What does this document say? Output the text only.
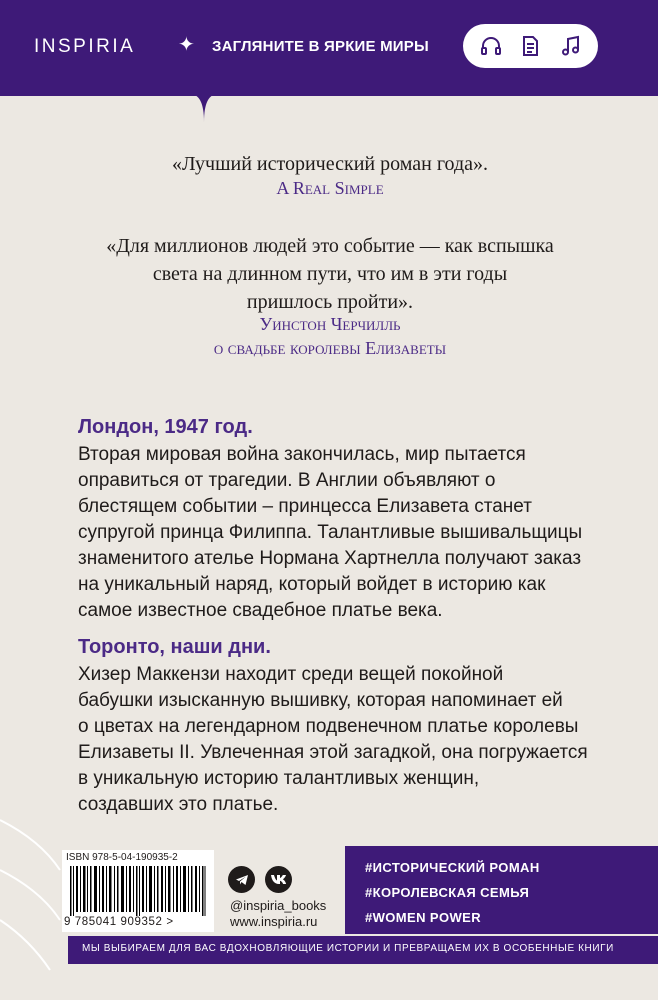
INSPIRIA ✦ ЗАГЛЯНИТЕ В ЯРКИЕ МИРЫ
«Лучший исторический роман года».
A Real Simple
«Для миллионов людей это событие — как вспышка
света на длинном пути, что им в эти годы
пришлось пройти».
Уинстон Черчилль
о свадьбе королевы Елизаветы
Лондон, 1947 год.
Вторая мировая война закончилась, мир пытается
оправиться от трагедии. В Англии объявляют о
блестящем событии – принцесса Елизавета станет
супругой принца Филиппа. Талантливые вышивальщицы
знаменитого ателье Нормана Хартнелла получают заказ
на уникальный наряд, который войдет в историю как
самое известное свадебное платье века.
Торонто, наши дни.
Хизер Маккензи находит среди вещей покойной
бабушки изысканную вышивку, которая напоминает ей
о цветах на легендарном подвенечном платье королевы
Елизаветы II. Увлеченная этой загадкой, она погружается
в уникальную историю талантливых женщин,
создавших это платье.
ISBN 978-5-04-190935-2
9 785041 909352 >
@inspiria_books
www.inspiria.ru
#ИСТОРИЧЕСКИЙ РОМАН
#КОРОЛЕВСКАЯ СЕМЬЯ
#WOMEN POWER
МЫ ВЫБИРАЕМ ДЛЯ ВАС ВДОХНОВЛЯЮЩИЕ ИСТОРИИ И ПРЕВРАЩАЕМ ИХ В ОСОБЕННЫЕ КНИГИ
